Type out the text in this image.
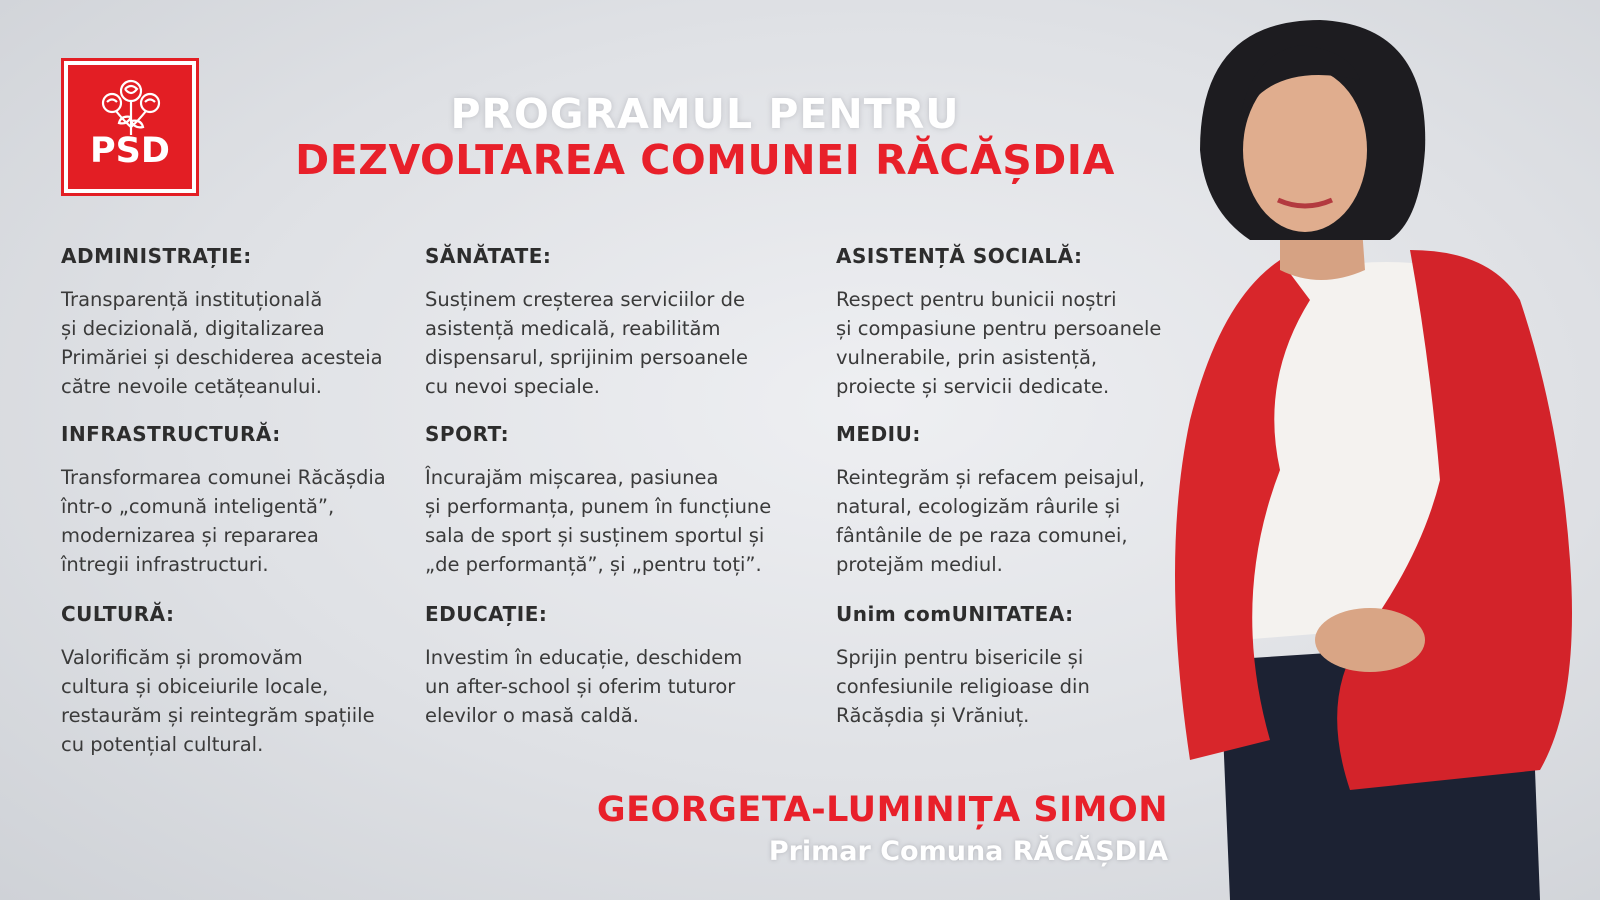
PSD
PROGRAMUL PENTRU
DEZVOLTAREA COMUNEI RĂCĂȘDIA
ADMINISTRAȚIE:

Transparență instituțională
și decizională, digitalizarea
Primăriei și deschiderea acesteia
către nevoile cetățeanului.

SĂNĂTATE:

Susținem creșterea serviciilor de
asistență medicală, reabilităm
dispensarul, sprijinim persoanele
cu nevoi speciale.

ASISTENȚĂ SOCIALĂ:

Respect pentru bunicii noștri
și compasiune pentru persoanele
vulnerabile, prin asistență,
proiecte și servicii dedicate.

INFRASTRUCTURĂ:

Transformarea comunei Răcășdia
într-o „comună inteligentă”,
modernizarea și repararea
întregii infrastructuri.

SPORT:

Încurajăm mișcarea, pasiunea
și performanța, punem în funcțiune
sala de sport și susținem sportul și
„de performanță”, și „pentru toți”.

MEDIU:

Reintegrăm și refacem peisajul,
natural, ecologizăm râurile și
fântânile de pe raza comunei,
protejăm mediul.

CULTURĂ:

Valorificăm și promovăm
cultura și obiceiurile locale,
restaurăm și reintegrăm spațiile
cu potențial cultural.

EDUCAȚIE:

Investim în educație, deschidem
un after-school și oferim tuturor
elevilor o masă caldă.

Unim comUNITATEA:

Sprijin pentru bisericile și
confesiunile religioase din
Răcășdia și Vrăniuț.

GEORGETA-LUMINIȚA SIMON
Primar Comuna RĂCĂȘDIA
